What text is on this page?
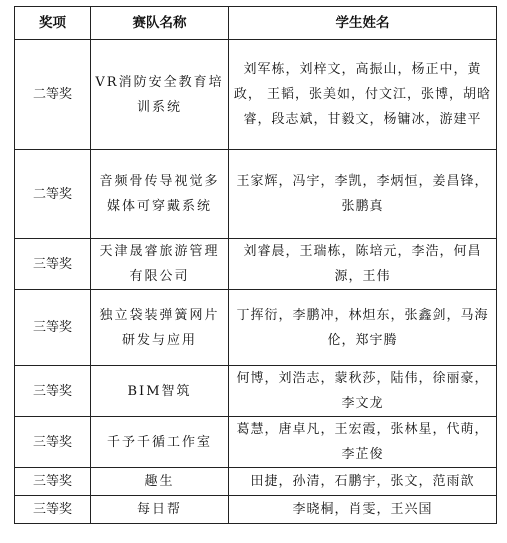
奖项	赛队名称	学生姓名
二等奖	VR消防安全教育培训系统	刘军栋，刘梓文，高振山，杨正中，黄政， 王韬，张美如，付文江，张博，胡晗睿，段志斌，甘毅文，杨镛冰，游建平
二等奖	音频骨传导视觉多媒体可穿戴系统	王家辉，冯宇，李凯，李炳恒，姜昌锋，张鹏真
三等奖	天津晟睿旅游管理有限公司	刘睿晨，王瑞栋，陈培元，李浩，何昌源，王伟
三等奖	独立袋装弹簧网片研发与应用	丁挥衍，李鹏冲，林炟东，张鑫剑，马海伦，郑宇腾
三等奖	BIM智筑	何博，刘浩志，蒙秋莎，陆伟，徐丽豪，李文龙
三等奖	千予千循工作室	葛慧，唐卓凡，王宏霞，张林星，代萌，李芷俊
三等奖	趣生	田捷，孙清，石鹏宇，张文，范雨歆
三等奖	每日帮	李晓桐，肖雯，王兴国
